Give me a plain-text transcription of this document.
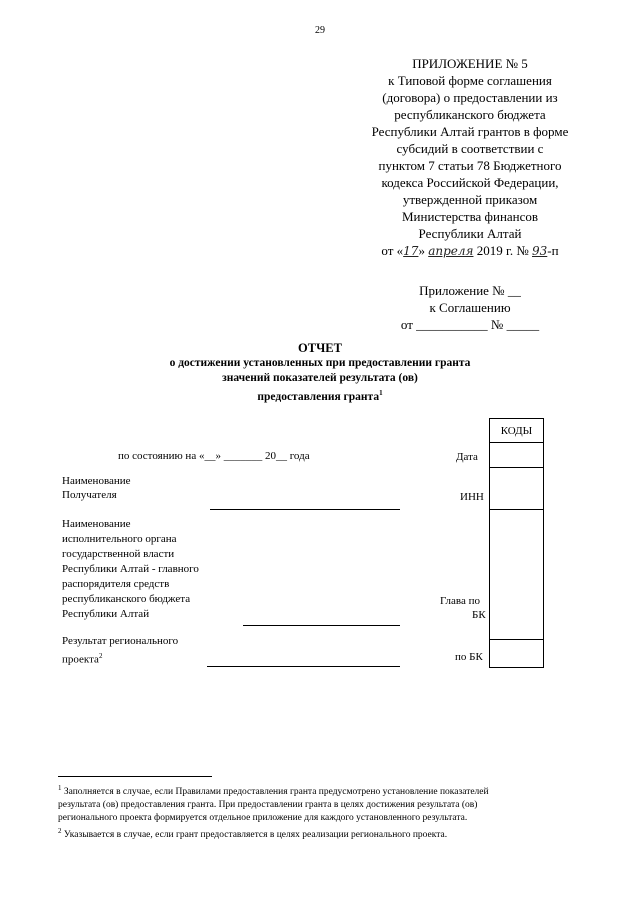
29
ПРИЛОЖЕНИЕ № 5
к Типовой форме соглашения
(договора) о предоставлении из
республиканского бюджета
Республики Алтай грантов в форме
субсидий в соответствии с
пунктом 7 статьи 78 Бюджетного
кодекса Российской Федерации,
утвержденной приказом
Министерства финансов
Республики Алтай
от «17» апреля 2019 г. № 93-п
Приложение № __
к Соглашению
от ___________ № _____
ОТЧЕТ
о достижении установленных при предоставлении гранта
значений показателей результата (ов)
предоставления гранта$^1$
КОДЫ
по состоянию на «__» _______ 20__ года	Дата
Наименование
Получателя	ИНН
Наименование
исполнительного органа
государственной власти
Республики Алтай - главного
распорядителя средств
республиканского бюджета
Республики Алтай
Глава по
БК
Результат регионального
проекта$^2$	по БК
$^1$ Заполняется в случае, если Правилами предоставления гранта предусмотрено установление показателей
результата (ов) предоставления гранта. При предоставлении гранта в целях достижения результата (ов)
регионального проекта формируется отдельное приложение для каждого установленного результата.
$^2$ Указывается в случае, если грант предоставляется в целях реализации регионального проекта.
